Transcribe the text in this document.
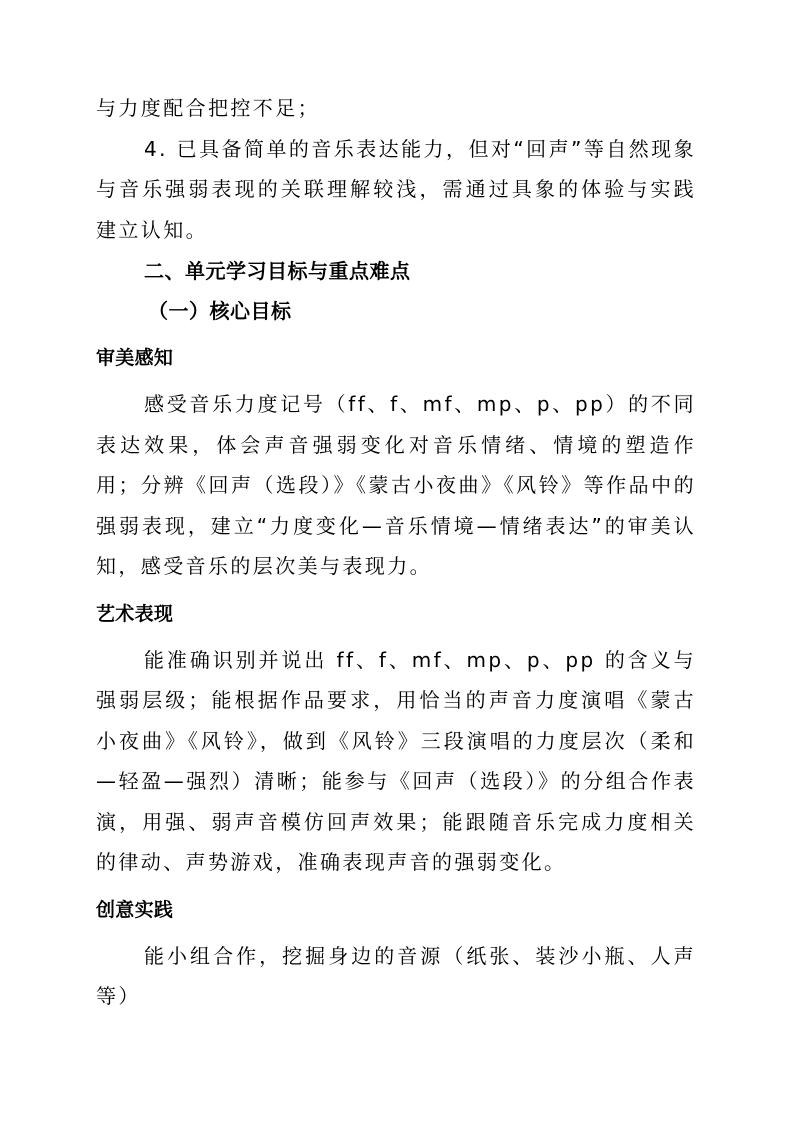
与力度配合把控不足；

4. 已具备简单的音乐表达能力，但对“回声”等自然现象与音乐强弱表现的关联理解较浅，需通过具象的体验与实践建立认知。

二、单元学习目标与重点难点
（一）核心目标
审美感知

感受音乐力度记号（ff、f、mf、mp、p、pp）的不同表达效果，体会声音强弱变化对音乐情绪、情境的塑造作用；分辨《回声（选段）》《蒙古小夜曲》《风铃》等作品中的强弱表现，建立“力度变化—音乐情境—情绪表达”的审美认知，感受音乐的层次美与表现力。

艺术表现

能准确识别并说出 ff、f、mf、mp、p、pp 的含义与强弱层级；能根据作品要求，用恰当的声音力度演唱《蒙古小夜曲》《风铃》，做到《风铃》三段演唱的力度层次（柔和—轻盈—强烈）清晰；能参与《回声（选段）》的分组合作表演，用强、弱声音模仿回声效果；能跟随音乐完成力度相关的律动、声势游戏，准确表现声音的强弱变化。

创意实践

能小组合作，挖掘身边的音源（纸张、装沙小瓶、人声等）
